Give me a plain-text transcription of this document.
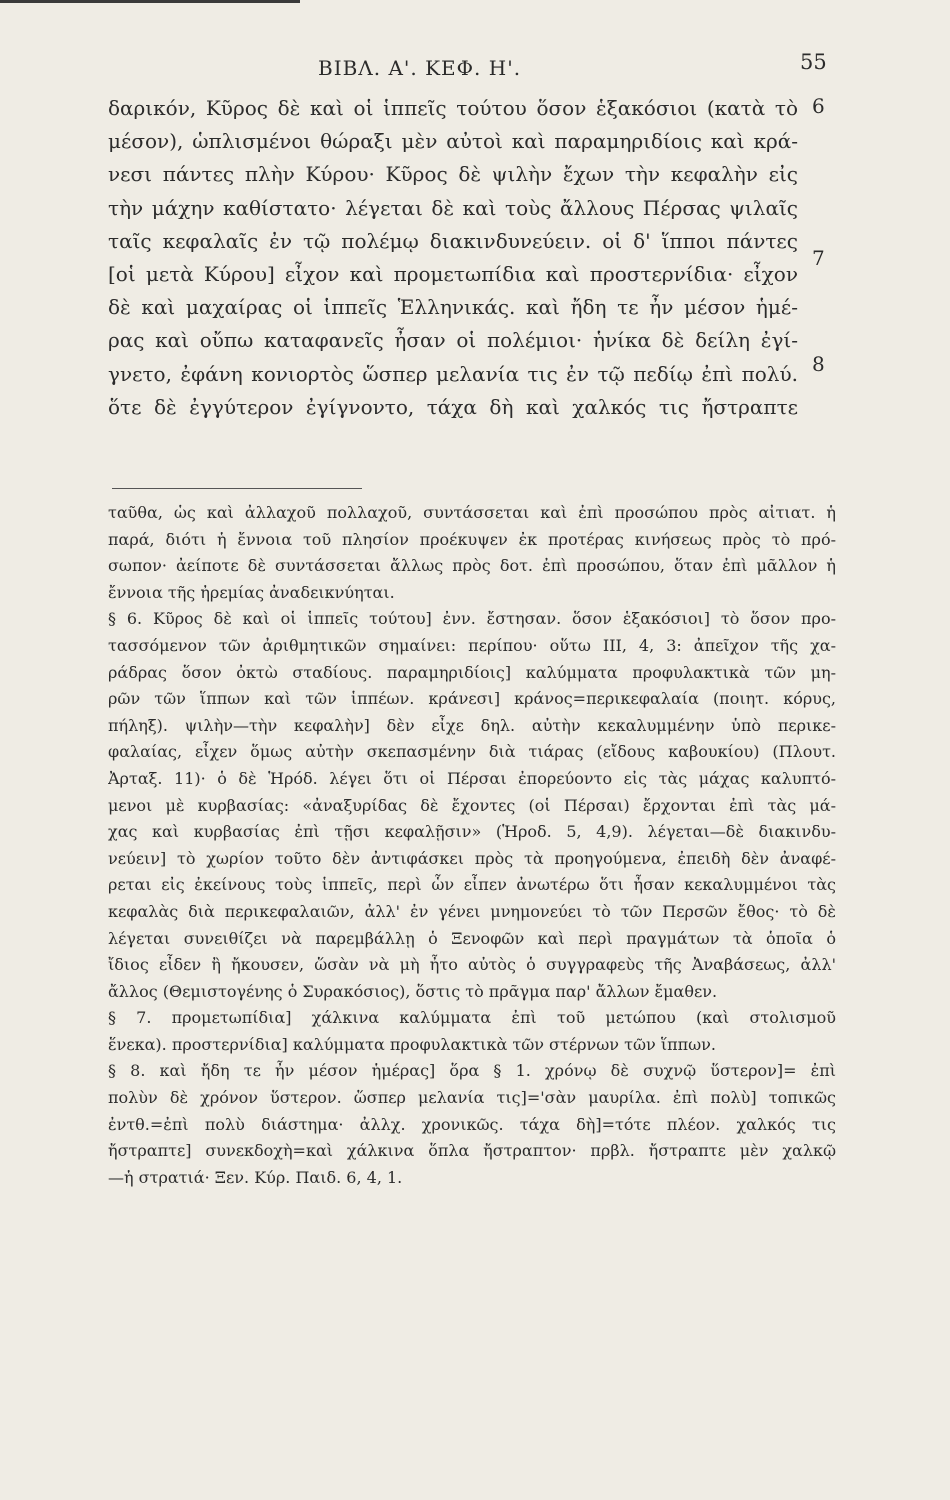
ΒΙΒΛ. Α'. ΚΕΦ. Η'.	55
δαρικόν, Κῦρος δὲ καὶ οἱ ἱππεῖς τούτου ὅσον ἑξακόσιοι (κατὰ τὸ
μέσον), ὡπλισμένοι θώραξι μὲν αὐτοὶ καὶ παραμηριδίοις καὶ κρά-
νεσι πάντες πλὴν Κύρου· Κῦρος δὲ ψιλὴν ἔχων τὴν κεφαλὴν εἰς
τὴν μάχην καθίστατο· λέγεται δὲ καὶ τοὺς ἄλλους Πέρσας ψιλαῖς
ταῖς κεφαλαῖς ἐν τῷ πολέμῳ διακινδυνεύειν. οἱ δ' ἵπποι πάντες
[οἱ μετὰ Κύρου] εἶχον καὶ προμετωπίδια καὶ προστερνίδια· εἶχον
δὲ καὶ μαχαίρας οἱ ἱππεῖς Ἑλληνικάς. καὶ ἤδη τε ἦν μέσον ἡμέ-
ρας καὶ οὔπω καταφανεῖς ἦσαν οἱ πολέμιοι· ἡνίκα δὲ δείλη ἐγί-
γνετο, ἐφάνη κονιορτὸς ὥσπερ μελανία τις ἐν τῷ πεδίῳ ἐπὶ πολύ.
ὅτε δὲ ἐγγύτερον ἐγίγνοντο, τάχα δὴ καὶ χαλκός τις ἤστραπτε
6
7
8
ταῦθα, ὡς καὶ ἀλλαχοῦ πολλαχοῦ, συντάσσεται καὶ ἐπὶ προσώπου πρὸς αἰτιατ. ἡ
παρά, διότι ἡ ἔννοια τοῦ πλησίον προέκυψεν ἐκ προτέρας κινήσεως πρὸς τὸ πρό-
σωπον· ἀείποτε δὲ συντάσσεται ἄλλως πρὸς δοτ. ἐπὶ προσώπου, ὅταν ἐπὶ μᾶλλον ἡ
ἔννοια τῆς ἠρεμίας ἀναδεικνύηται.
§ 6. Κῦρος δὲ καὶ οἱ ἱππεῖς τούτου] ἐνν. ἔστησαν. ὅσον ἑξακόσιοι] τὸ ὅσον προ-
τασσόμενον τῶν ἀριθμητικῶν σημαίνει: περίπου· οὕτω III, 4, 3: ἀπεῖχον τῆς χα-
ράδρας ὅσον ὀκτὼ σταδίους. παραμηριδίοις] καλύμματα προφυλακτικὰ τῶν μη-
ρῶν τῶν ἵππων καὶ τῶν ἱππέων. κράνεσι] κράνος=περικεφαλαία (ποιητ. κόρυς,
πήληξ). ψιλὴν—τὴν κεφαλὴν] δὲν εἶχε δηλ. αὐτὴν κεκαλυμμένην ὑπὸ περικε-
φαλαίας, εἶχεν ὅμως αὐτὴν σκεπασμένην διὰ τιάρας (εἴδους καβουκίου) (Πλουτ.
Ἀρταξ. 11)· ὁ δὲ Ἡρόδ. λέγει ὅτι οἱ Πέρσαι ἐπορεύοντο εἰς τὰς μάχας καλυπτό-
μενοι μὲ κυρβασίας: «ἀναξυρίδας δὲ ἔχοντες (οἱ Πέρσαι) ἔρχονται ἐπὶ τὰς μά-
χας καὶ κυρβασίας ἐπὶ τῇσι κεφαλῇσιν» (Ἡροδ. 5, 4,9). λέγεται—δὲ διακινδυ-
νεύειν] τὸ χωρίον τοῦτο δὲν ἀντιφάσκει πρὸς τὰ προηγούμενα, ἐπειδὴ δὲν ἀναφέ-
ρεται εἰς ἐκείνους τοὺς ἱππεῖς, περὶ ὧν εἶπεν ἀνωτέρω ὅτι ἦσαν κεκαλυμμένοι τὰς
κεφαλὰς διὰ περικεφαλαιῶν, ἀλλ' ἐν γένει μνημονεύει τὸ τῶν Περσῶν ἔθος· τὸ δὲ
λέγεται συνειθίζει νὰ παρεμβάλλῃ ὁ Ξενοφῶν καὶ περὶ πραγμάτων τὰ ὁποῖα ὁ
ἴδιος εἶδεν ἢ ἤκουσεν, ὥσὰν νὰ μὴ ἦτο αὐτὸς ὁ συγγραφεὺς τῆς Ἀναβάσεως, ἀλλ'
ἄλλος (Θεμιστογένης ὁ Συρακόσιος), ὅστις τὸ πρᾶγμα παρ' ἄλλων ἔμαθεν.
§ 7. προμετωπίδια] χάλκινα καλύμματα ἐπὶ τοῦ μετώπου (καὶ στολισμοῦ
ἕνεκα). προστερνίδια] καλύμματα προφυλακτικὰ τῶν στέρνων τῶν ἵππων.
§ 8. καὶ ἤδη τε ἦν μέσον ἡμέρας] ὅρα § 1. χρόνῳ δὲ συχνῷ ὕστερον]= ἐπὶ
πολὺν δὲ χρόνον ὕστερον. ὥσπερ μελανία τις]='σὰν μαυρίλα. ἐπὶ πολὺ] τοπικῶς
ἐντθ.=ἐπὶ πολὺ διάστημα· ἀλλχ. χρονικῶς. τάχα δὴ]=τότε πλέον. χαλκός τις
ἤστραπτε] συνεκδοχὴ=καὶ χάλκινα ὅπλα ἤστραπτον· πρβλ. ἤστραπτε μὲν χαλκῷ
—ἡ στρατιά· Ξεν. Κύρ. Παιδ. 6, 4, 1.
